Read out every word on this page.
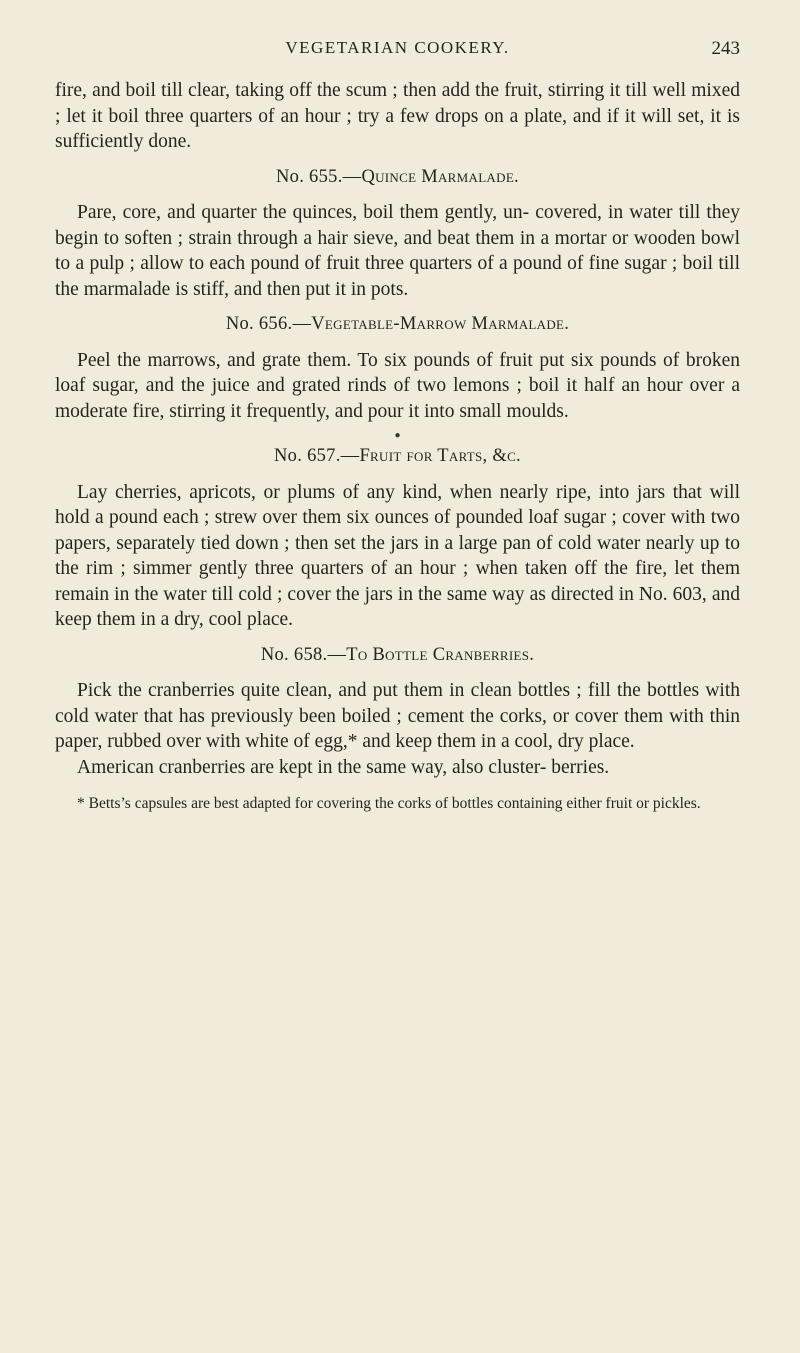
VEGETARIAN COOKERY.	243

fire, and boil till clear, taking off the scum ; then add the fruit, stirring it till well mixed ; let it boil three quarters of an hour ; try a few drops on a plate, and if it will set, it is sufficiently done.

No. 655.—Quince Marmalade.

Pare, core, and quarter the quinces, boil them gently, un- covered, in water till they begin to soften ; strain through a hair sieve, and beat them in a mortar or wooden bowl to a pulp ; allow to each pound of fruit three quarters of a pound of fine sugar ; boil till the marmalade is stiff, and then put it in pots.

No. 656.—Vegetable-Marrow Marmalade.

Peel the marrows, and grate them. To six pounds of fruit put six pounds of broken loaf sugar, and the juice and grated rinds of two lemons ; boil it half an hour over a moderate fire, stirring it frequently, and pour it into small moulds.

●
No. 657.—Fruit for Tarts, &c.

Lay cherries, apricots, or plums of any kind, when nearly ripe, into jars that will hold a pound each ; strew over them six ounces of pounded loaf sugar ; cover with two papers, separately tied down ; then set the jars in a large pan of cold water nearly up to the rim ; simmer gently three quarters of an hour ; when taken off the fire, let them remain in the water till cold ; cover the jars in the same way as directed in No. 603, and keep them in a dry, cool place.

No. 658.—To Bottle Cranberries.

Pick the cranberries quite clean, and put them in clean bottles ; fill the bottles with cold water that has previously been boiled ; cement the corks, or cover them with thin paper, rubbed over with white of egg,* and keep them in a cool, dry place.

American cranberries are kept in the same way, also cluster- berries.

* Betts’s capsules are best adapted for covering the corks of bottles containing either fruit or pickles.
